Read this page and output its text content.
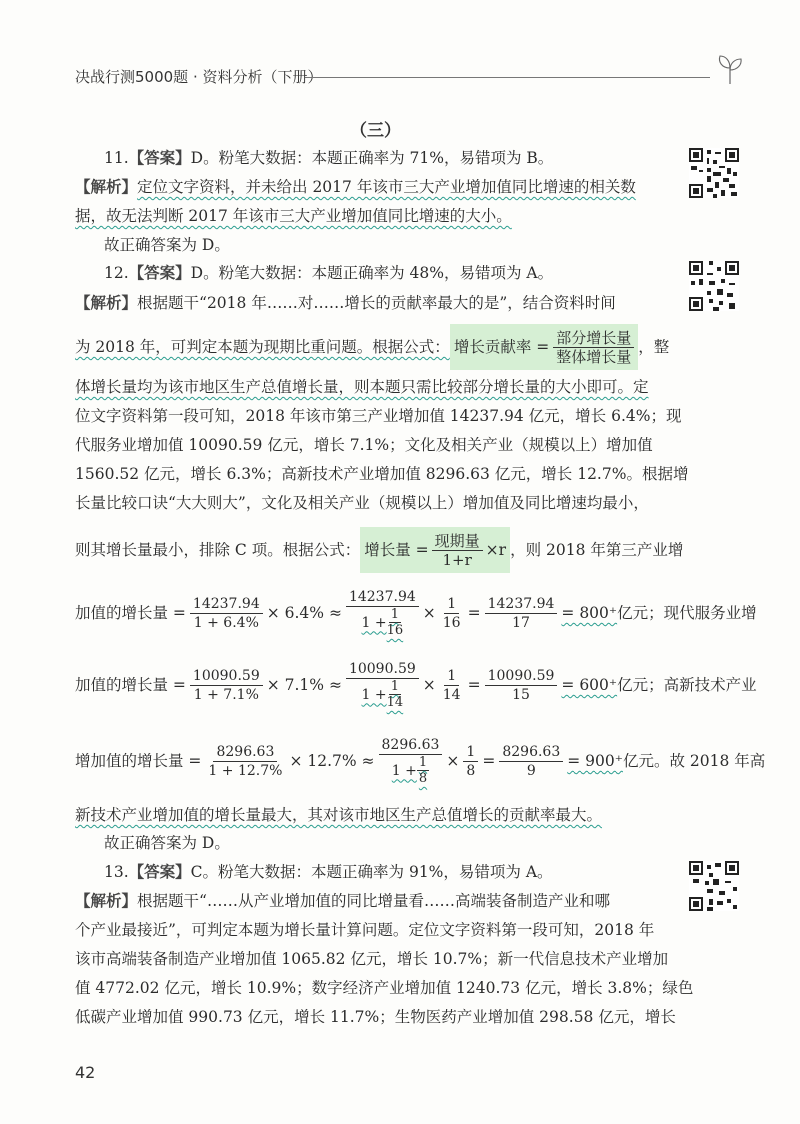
决战行测5000题 · 资料分析（下册）
（三）
11.【答案】D。粉笔大数据：本题正确率为 71%，易错项为 B。
【解析】定位文字资料，并未给出 2017 年该市三大产业增加值同比增速的相关数
据，故无法判断 2017 年该市三大产业增加值同比增速的大小。
故正确答案为 D。
12.【答案】D。粉笔大数据：本题正确率为 48%，易错项为 A。
【解析】根据题干“2018 年……对……增长的贡献率最大的是”，结合资料时间
为 2018 年，可判定本题为现期比重问题。根据公式： 增长贡献率 = $\frac{\text{部分增长量}}{\text{整体增长量}}$ ，整
体增长量均为该市地区生产总值增长量，则本题只需比较部分增长量的大小即可。定
位文字资料第一段可知，2018 年该市第三产业增加值 14237.94 亿元，增长 6.4%；现
代服务业增加值 10090.59 亿元，增长 7.1%；文化及相关产业（规模以上）增加值
1560.52 亿元，增长 6.3%；高新技术产业增加值 8296.63 亿元，增长 12.7%。根据增
长量比较口诀“大大则大”，文化及相关产业（规模以上）增加值及同比增速均最小，
则其增长量最小，排除 C 项。根据公式： 增长量 = $\frac{\text{现期量}}{1+r} \times r$ ，则 2018 年第三产业增
加值的增长量 = $\frac{14237.94}{1 + 6.4\%} \times 6.4\% \approx \frac{14237.94}{1 + \frac{1}{16}} \times \frac{1}{16} = \frac{14237.94}{17} = 800^+$ 亿元；现代服务业增
加值的增长量 = $\frac{10090.59}{1 + 7.1\%} \times 7.1\% \approx \frac{10090.59}{1 + \frac{1}{14}} \times \frac{1}{14} = \frac{10090.59}{15} = 600^+$ 亿元；高新技术产业
增加值的增长量 = $\frac{8296.63}{1 + 12.7\%} \times 12.7\% \approx \frac{8296.63}{1 + \frac{1}{8}} \times \frac{1}{8} = \frac{8296.63}{9} = 900^+$ 亿元。故 2018 年高
新技术产业增加值的增长量最大，其对该市地区生产总值增长的贡献率最大。
故正确答案为 D。
13.【答案】C。粉笔大数据：本题正确率为 91%，易错项为 A。
【解析】根据题干“……从产业增加值的同比增量看……高端装备制造产业和哪
个产业最接近”，可判定本题为增长量计算问题。定位文字资料第一段可知，2018 年
该市高端装备制造产业增加值 1065.82 亿元，增长 10.7%；新一代信息技术产业增加
值 4772.02 亿元，增长 10.9%；数字经济产业增加值 1240.73 亿元，增长 3.8%；绿色
低碳产业增加值 990.73 亿元，增长 11.7%；生物医药产业增加值 298.58 亿元，增长
42
